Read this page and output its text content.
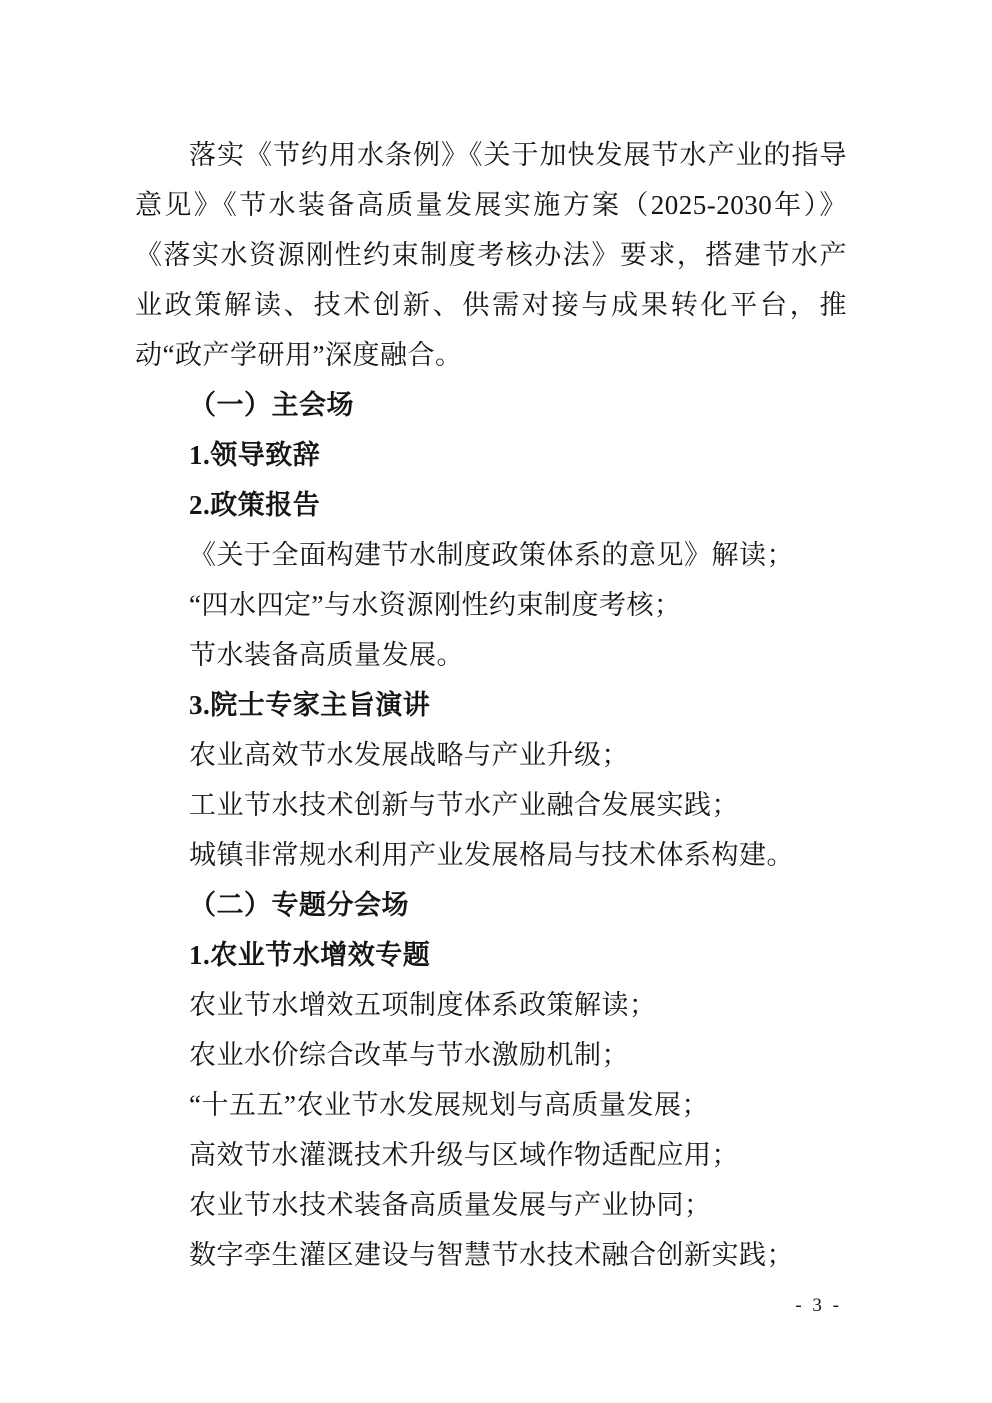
落实《节约用水条例》《关于加快发展节水产业的指导意见》《节水装备高质量发展实施方案（2025-2030年）》《落实水资源刚性约束制度考核办法》要求，搭建节水产业政策解读、技术创新、供需对接与成果转化平台，推动“政产学研用”深度融合。

（一）主会场

1.领导致辞

2.政策报告

《关于全面构建节水制度政策体系的意见》解读；

“四水四定”与水资源刚性约束制度考核；

节水装备高质量发展。

3.院士专家主旨演讲

农业高效节水发展战略与产业升级；

工业节水技术创新与节水产业融合发展实践；

城镇非常规水利用产业发展格局与技术体系构建。

（二）专题分会场

1.农业节水增效专题

农业节水增效五项制度体系政策解读；

农业水价综合改革与节水激励机制；

“十五五”农业节水发展规划与高质量发展；

高效节水灌溉技术升级与区域作物适配应用；

农业节水技术装备高质量发展与产业协同；

数字孪生灌区建设与智慧节水技术融合创新实践；

- 3 -
